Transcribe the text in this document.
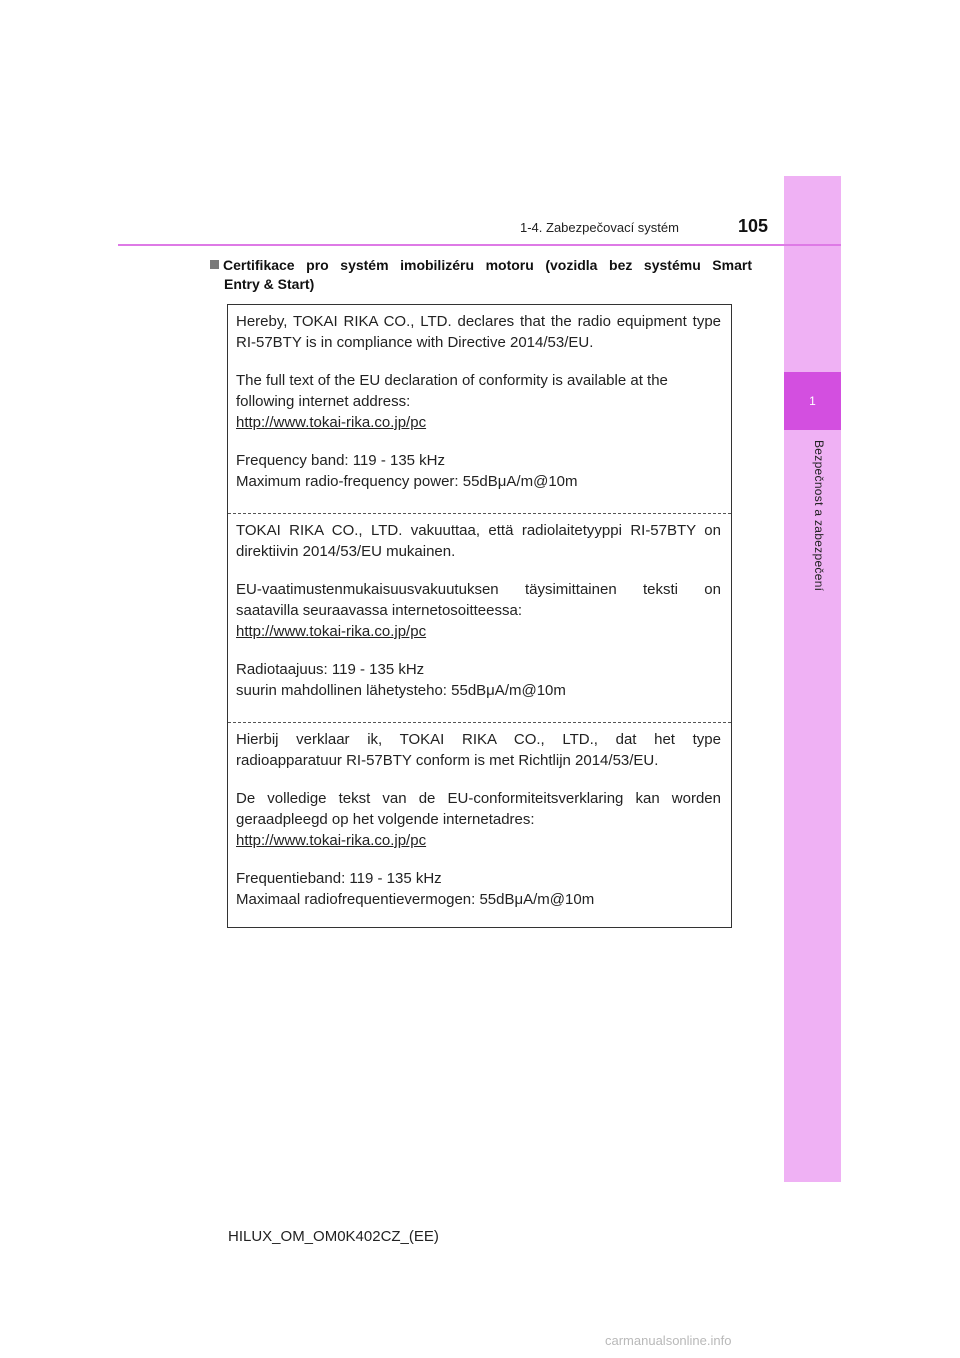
1
Bezpečnost a zabezpečení
1-4. Zabezpečovací systém	105
Certifikace pro systém imobilizéru motoru (vozidla bez systému Smart
Entry & Start)

Hereby, TOKAI RIKA CO., LTD. declares that the radio equipment type

RI-57BTY is in compliance with Directive 2014/53/EU.

The full text of the EU declaration of conformity is available at the

following internet address:

http://www.tokai-rika.co.jp/pc

Frequency band: 119 - 135 kHz

Maximum radio-frequency power: 55dBμA/m@10m

TOKAI RIKA CO., LTD. vakuuttaa, että radiolaitetyyppi RI-57BTY on

direktiivin 2014/53/EU mukainen.

EU-vaatimustenmukaisuusvakuutuksen täysimittainen teksti on

saatavilla seuraavassa internetosoitteessa:

http://www.tokai-rika.co.jp/pc

Radiotaajuus: 119 - 135 kHz

suurin mahdollinen lähetysteho: 55dBμA/m@10m

Hierbij verklaar ik, TOKAI RIKA CO., LTD., dat het type

radioapparatuur RI-57BTY conform is met Richtlijn 2014/53/EU.

De volledige tekst van de EU-conformiteitsverklaring kan worden

geraadpleegd op het volgende internetadres:

http://www.tokai-rika.co.jp/pc

Frequentieband: 119 - 135 kHz

Maximaal radiofrequentievermogen: 55dBμA/m@10m

HILUX_OM_OM0K402CZ_(EE)
carmanualsonline.info
